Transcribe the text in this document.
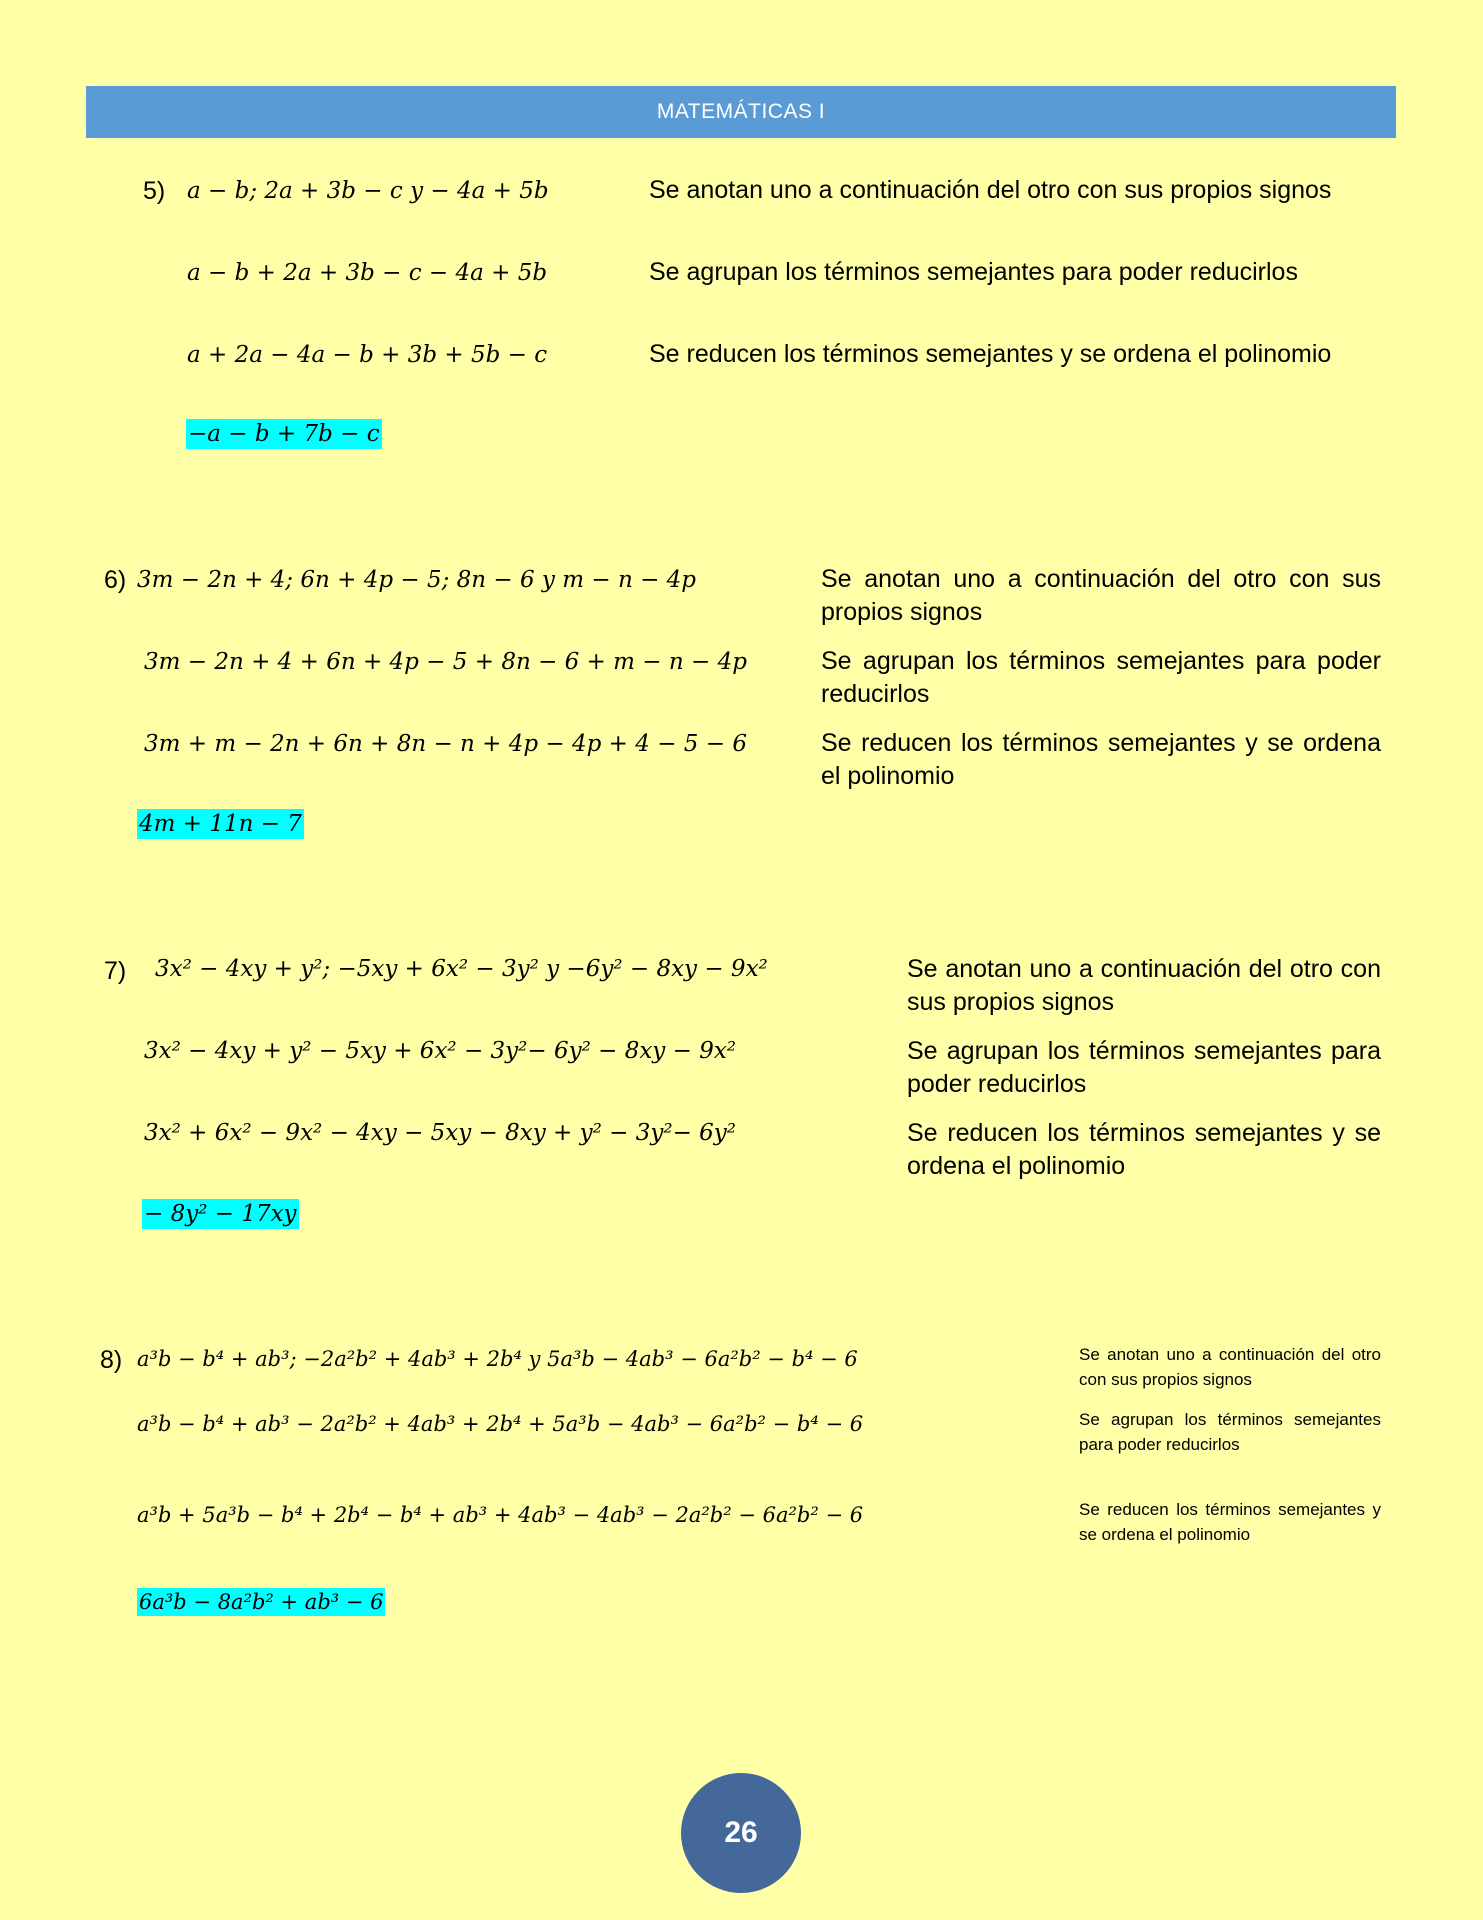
MATEMÁTICAS I
5) a − b; 2a + 3b − c y − 4a + 5b
a − b + 2a + 3b − c − 4a + 5b
a + 2a − 4a − b + 3b + 5b − c
−a − b + 7b − c
Se anotan uno a continuación del otro con sus propios signos
Se agrupan los términos semejantes para poder reducirlos
Se reducen los términos semejantes y se ordena el polinomio
6) 3m − 2n + 4; 6n + 4p − 5; 8n − 6 y m − n − 4p
3m − 2n + 4 + 6n + 4p − 5 + 8n − 6 + m − n − 4p
3m + m − 2n + 6n + 8n − n + 4p − 4p + 4 − 5 − 6
4m + 11n − 7
Se anotan uno a continuación del otro con sus propios signos
Se agrupan los términos semejantes para poder reducirlos
Se reducen los términos semejantes y se ordena el polinomio
7) 3x² − 4xy + y²; −5xy + 6x² − 3y² y −6y² − 8xy − 9x²
3x² − 4xy + y² − 5xy + 6x² − 3y²− 6y² − 8xy − 9x²
3x² + 6x² − 9x² − 4xy − 5xy − 8xy + y² − 3y²− 6y²
− 8y² − 17xy
Se anotan uno a continuación del otro con sus propios signos
Se agrupan los términos semejantes para poder reducirlos
Se reducen los términos semejantes y se ordena el polinomio
8) a³b − b⁴ + ab³; −2a²b² + 4ab³ + 2b⁴ y 5a³b − 4ab³ − 6a²b² − b⁴ − 6
a³b − b⁴ + ab³ − 2a²b² + 4ab³ + 2b⁴ + 5a³b − 4ab³ − 6a²b² − b⁴ − 6
a³b + 5a³b − b⁴ + 2b⁴ − b⁴ + ab³ + 4ab³ − 4ab³ − 2a²b² − 6a²b² − 6
6a³b − 8a²b² + ab³ − 6
Se anotan uno a continuación del otro con sus propios signos
Se agrupan los términos semejantes para poder reducirlos
Se reducen los términos semejantes y se ordena el polinomio
26
